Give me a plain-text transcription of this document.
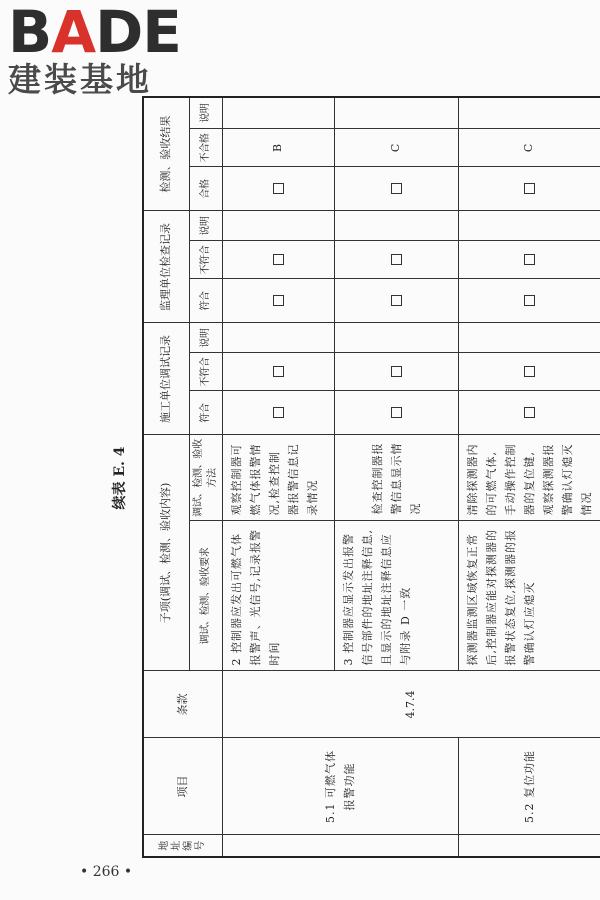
B A DE
建装基地
• 266 •
续表 E. 4
地址编号	项目	条款	子项(调试、检测、验收内容)		施工单位调试记录			监理单位检查记录			检测、验收结果		
			调试、检测、验收要求	调试、检测、验收方法	符合	不符合	说明	符合	不符合	说明	合格	不合格	说明
	5.1 可燃气体报警功能	4.7.4	2 控制器应发出可燃气体报警声、光信号,记录报警时间	观察控制器可燃气体报警情况,检查控制器报警信息记录情况								B	
			3 控制器应显示发出报警信号部件的地址注释信息,且显示的地址注释信息应与附录 D 一致	检查控制器报警信息显示情况								C	
	5.2 复位功能		探测器监测区域恢复正常后,控制器应能对探测器的报警状态复位,探测器的报警确认灯应熄灭	清除探测器内的可燃气体,手动操作控制器的复位键,观察探测器报警确认灯熄灭情况								C	
